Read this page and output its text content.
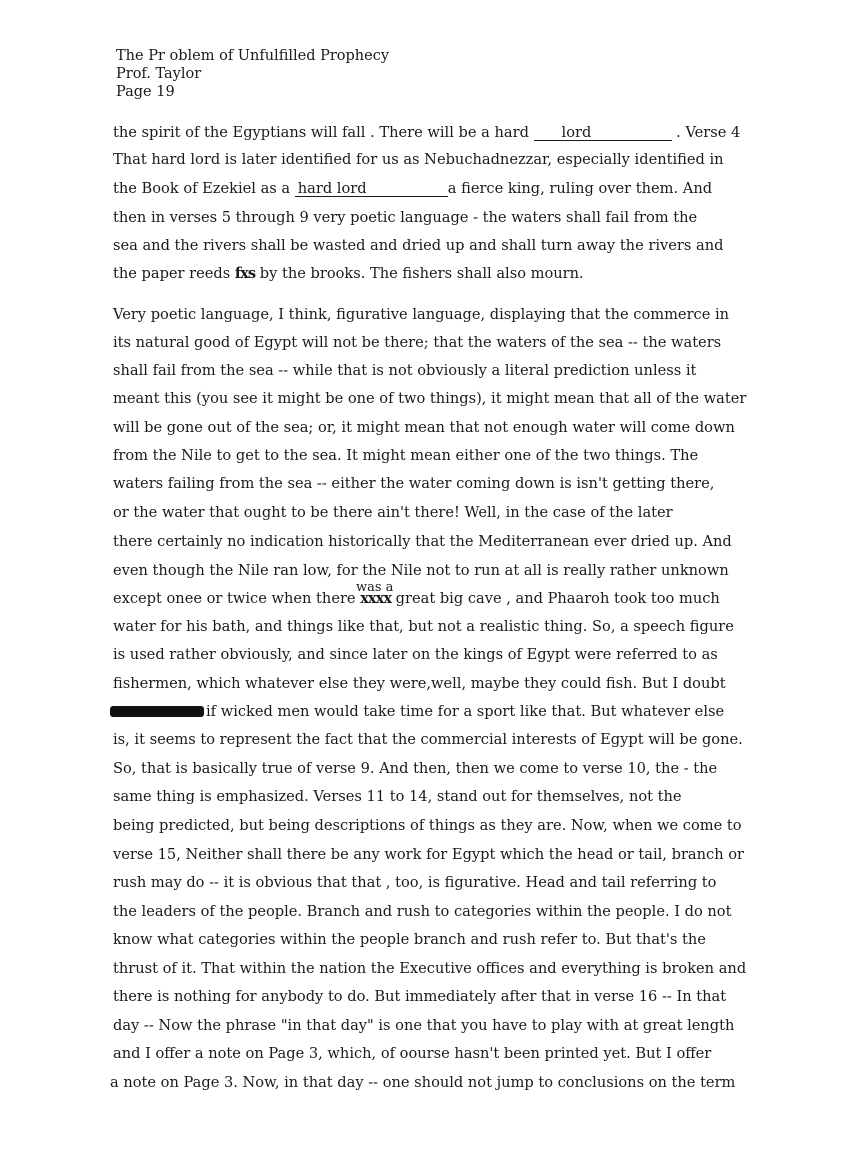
The Pr oblem of Unfulfilled Prophecy
Prof. Taylor
Page 19
the spirit of the Egyptians will fall . There will be a hard lord	. Verse 4
That hard lord is later identified for us as Nebuchadnezzar, especially identified in
the Book of Ezekiel as a hard lord	a fierce king, ruling over them. And
then in verses 5 through 9 very poetic language - the waters shall fail from the
sea and the rivers shall be wasted and dried up and shall turn away the rivers and
the paper reeds fxs by the brooks. The fishers shall also mourn.
Very poetic language, I think, figurative language, displaying that the commerce in
its natural good of Egypt will not be there; that the waters of the sea -- the waters
shall fail from the sea -- while that is not obviously a literal prediction unless it
meant this (you see it might be one of two things), it might mean that all of the water
will be gone out of the sea; or, it might mean that not enough water will come down
from the Nile to get to the sea. It might mean either one of the two things. The
waters failing from the sea -- either the water coming down is isn't getting there,
or the water that ought to be there ain't there! Well, in the case of the later
there certainly no indication historically that the Mediterranean ever dried up. And
even though the Nile ran low, for the Nile not to run at all is really rather unknown
was a
except onee or twice when there xxxx great big cave , and Phaaroh took too much
water for his bath, and things like that, but not a realistic thing. So, a speech figure
is used rather obviously, and since later on the kings of Egypt were referred to as
fishermen, which whatever else they were,well, maybe they could fish. But I doubt
if wicked men would take time for a sport like that. But whatever else
is, it seems to represent the fact that the commercial interests of Egypt will be gone.
So, that is basically true of verse 9. And then, then we come to verse 10, the - the
same thing is emphasized. Verses 11 to 14, stand out for themselves, not the
being predicted, but being descriptions of things as they are. Now, when we come to
verse 15, Neither shall there be any work for Egypt which the head or tail, branch or
rush may do -- it is obvious that that , too, is figurative. Head and tail referring to
the leaders of the people. Branch and rush to categories within the people. I do not
know what categories within the people branch and rush refer to. But that's the
thrust of it. That within the nation the Executive offices and everything is broken and
there is nothing for anybody to do. But immediately after that in verse 16 -- In that
day -- Now the phrase "in that day" is one that you have to play with at great length
and I offer a note on Page 3, which, of oourse hasn't been printed yet. But I offer
a note on Page 3. Now, in that day -- one should not jump to conclusions on the term
